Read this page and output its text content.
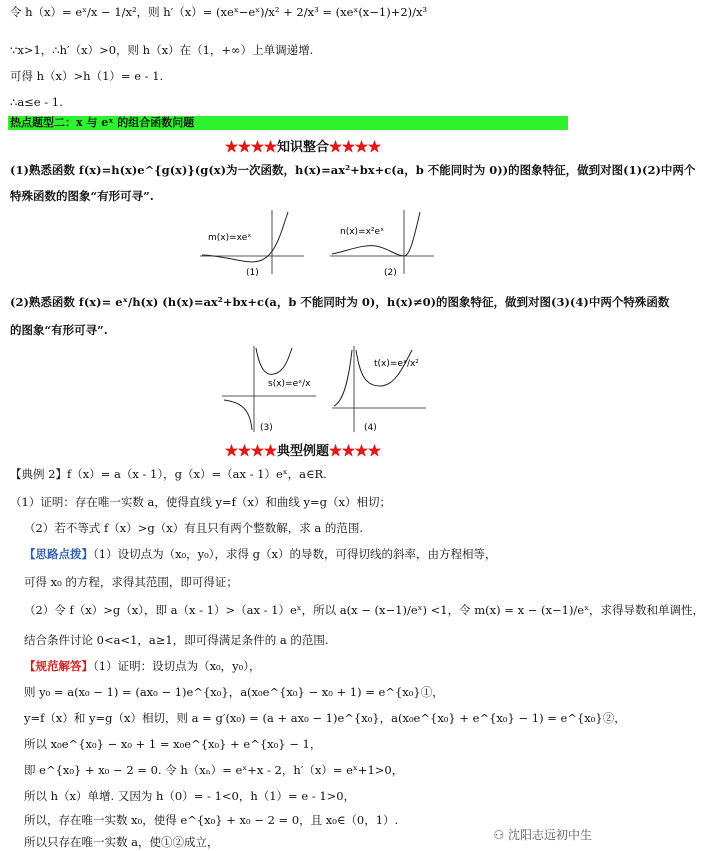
令 h（x）= eˣ/x − 1/x²，则 h′（x）= (xeˣ−eˣ)/x² + 2/x³ = (xeˣ(x−1)+2)/x³
∵x>1，∴h′（x）>0，则 h（x）在（1，+∞）上单调递增.
可得 h（x）>h（1）= e - 1.
∴a≤e - 1.
热点题型二：x 与 eˣ 的组合函数问题
★★★★知识整合★★★★
(1)熟悉函数 f(x)=h(x)e^{g(x)}(g(x)为一次函数，h(x)=ax²+bx+c(a，b 不能同时为 0))的图象特征，做到对图(1)(2)中两个
特殊函数的图象“有形可寻”.
m(x)=xeˣ
(1)
n(x)=x²eˣ
(2)
(2)熟悉函数 f(x)= eˣ/h(x) (h(x)=ax²+bx+c(a，b 不能同时为 0)，h(x)≠0)的图象特征，做到对图(3)(4)中两个特殊函数
的图象“有形可寻”.
s(x)=eˣ/x
(3)
t(x)=eˣ/x²
(4)
★★★★典型例题★★★★
【典例 2】f（x）= a（x - 1），g（x）=（ax - 1）eˣ，a∈R.
（1）证明：存在唯一实数 a，使得直线 y=f（x）和曲线 y=g（x）相切；
（2）若不等式 f（x）>g（x）有且只有两个整数解，求 a 的范围.
【思路点拨】（1）设切点为（x₀，y₀），求得 g（x）的导数，可得切线的斜率，由方程相等，
可得 x₀ 的方程，求得其范围，即可得证；
（2）令 f（x）>g（x），即 a（x - 1）>（ax - 1）eˣ，所以 a(x − (x−1)/eˣ) <1，令 m(x) = x − (x−1)/eˣ，求得导数和单调性，
结合条件讨论 0<a<1，a≥1，即可得满足条件的 a 的范围.
【规范解答】（1）证明：设切点为（x₀，y₀），
则 y₀ = a(x₀ − 1) = (ax₀ − 1)e^{x₀}，a(x₀e^{x₀} − x₀ + 1) = e^{x₀}①，
y=f（x）和 y=g（x）相切，则 a = g′(x₀) = (a + ax₀ − 1)e^{x₀}，a(x₀e^{x₀} + e^{x₀} − 1) = e^{x₀}②，
所以 x₀e^{x₀} − x₀ + 1 = x₀e^{x₀} + e^{x₀} − 1，
即 e^{x₀} + x₀ − 2 = 0. 令 h（xₙ）= eˣ+x - 2，h′（x）= eˣ+1>0，
所以 h（x）单增. 又因为 h（0）= - 1<0，h（1）= e - 1>0，
所以，存在唯一实数 x₀，使得 e^{x₀} + x₀ − 2 = 0，且 x₀∈（0，1）.
所以只存在唯一实数 a，使①②成立，	⚇ 沈阳志远初中生
